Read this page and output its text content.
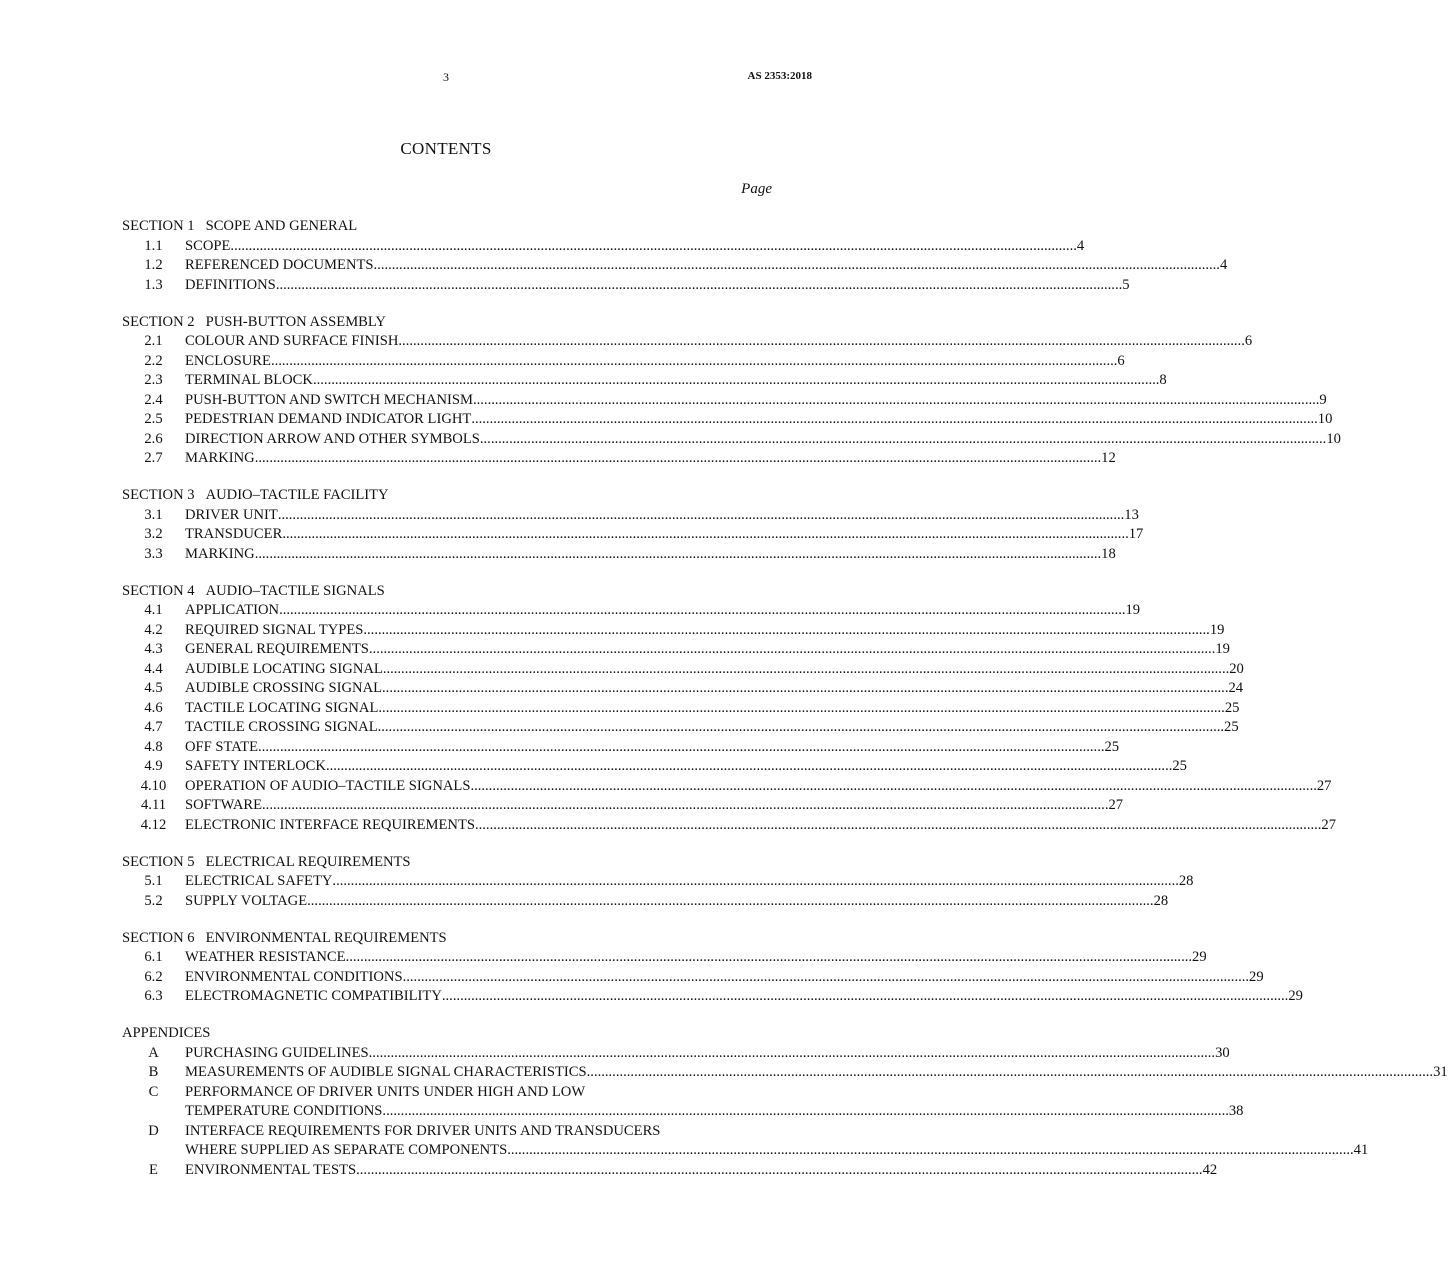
3	AS 2353:2018
CONTENTS
Page
SECTION 1 SCOPE AND GENERAL
1.1	SCOPE .....	4
1.2	REFERENCED DOCUMENTS .....	4
1.3	DEFINITIONS .....	5
SECTION 2 PUSH-BUTTON ASSEMBLY
2.1	COLOUR AND SURFACE FINISH .....	6
2.2	ENCLOSURE .....	6
2.3	TERMINAL BLOCK .....	8
2.4	PUSH-BUTTON AND SWITCH MECHANISM .....	9
2.5	PEDESTRIAN DEMAND INDICATOR LIGHT .....	10
2.6	DIRECTION ARROW AND OTHER SYMBOLS .....	10
2.7	MARKING .....	12
SECTION 3 AUDIO–TACTILE FACILITY
3.1	DRIVER UNIT .....	13
3.2	TRANSDUCER .....	17
3.3	MARKING .....	18
SECTION 4 AUDIO–TACTILE SIGNALS
4.1	APPLICATION .....	19
4.2	REQUIRED SIGNAL TYPES .....	19
4.3	GENERAL REQUIREMENTS .....	19
4.4	AUDIBLE LOCATING SIGNAL .....	20
4.5	AUDIBLE CROSSING SIGNAL .....	24
4.6	TACTILE LOCATING SIGNAL .....	25
4.7	TACTILE CROSSING SIGNAL .....	25
4.8	OFF STATE .....	25
4.9	SAFETY INTERLOCK .....	25
4.10	OPERATION OF AUDIO–TACTILE SIGNALS .....	27
4.11	SOFTWARE .....	27
4.12	ELECTRONIC INTERFACE REQUIREMENTS .....	27
SECTION 5 ELECTRICAL REQUIREMENTS
5.1	ELECTRICAL SAFETY .....	28
5.2	SUPPLY VOLTAGE .....	28
SECTION 6 ENVIRONMENTAL REQUIREMENTS
6.1	WEATHER RESISTANCE .....	29
6.2	ENVIRONMENTAL CONDITIONS .....	29
6.3	ELECTROMAGNETIC COMPATIBILITY .....	29
APPENDICES
A	PURCHASING GUIDELINES .....	30
B	MEASUREMENTS OF AUDIBLE SIGNAL CHARACTERISTICS .....	31
C	PERFORMANCE OF DRIVER UNITS UNDER HIGH AND LOW
TEMPERATURE CONDITIONS .....	38
D	INTERFACE REQUIREMENTS FOR DRIVER UNITS AND TRANSDUCERS
WHERE SUPPLIED AS SEPARATE COMPONENTS .....	41
E	ENVIRONMENTAL TESTS .....	42
